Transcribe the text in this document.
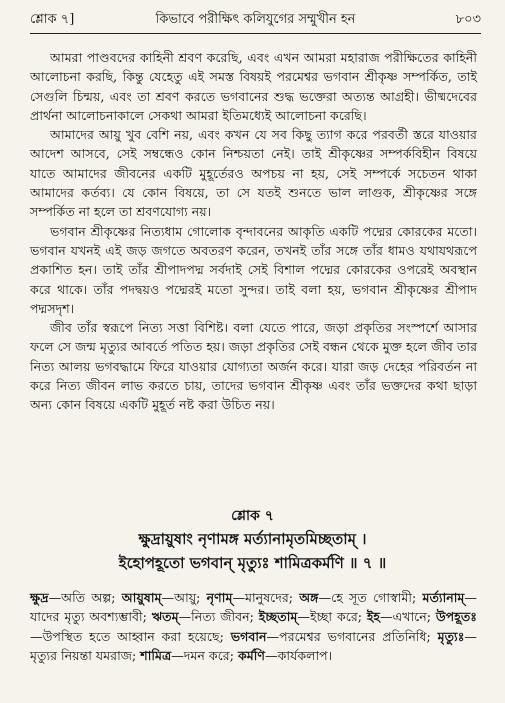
শ্লোক ৭]	কিভাবে পরীক্ষিৎ কলিযুগের সম্মুখীন হন	৮০৩

আমরা পাণ্ডবদের কাহিনী শ্রবণ করেছি, এবং এখন আমরা মহারাজ পরীক্ষিতের কাহিনী আলোচনা করছি, কিন্তু যেহেতু এই সমস্ত বিষয়ই পরমেশ্বর ভগবান শ্রীকৃষ্ণ সম্পর্কিত, তাই সেগুলি চিন্ময়, এবং তা শ্রবণ করতে ভগবানের শুদ্ধ ভক্তেরা অত্যন্ত আগ্রহী। ভীষ্মদেবের প্রার্থনা আলোচনাকালে সেকথা আমরা ইতিমধ্যেই আলোচনা করেছি।

আমাদের আয়ু খুব বেশি নয়, এবং কখন যে সব কিছু ত্যাগ করে পরবর্তী স্তরে যাওয়ার আদেশ আসবে, সেই সম্বন্ধেও কোন নিশ্চয়তা নেই। তাই শ্রীকৃষ্ণের সম্পর্কবিহীন বিষয়ে যাতে আমাদের জীবনের একটি মুহূর্তেরও অপচয় না হয়, সেই সম্পর্কে সচেতন থাকা আমাদের কর্তব্য। যে কোন বিষয়ে, তা সে যতই শুনতে ভাল লাগুক, শ্রীকৃষ্ণের সঙ্গে সম্পর্কিত না হলে তা শ্রবণযোগ্য নয়।

ভগবান শ্রীকৃষ্ণের নিত্যধাম গোলোক বৃন্দাবনের আকৃতি একটি পদ্মের কোরকের মতো। ভগবান যখনই এই জড় জগতে অবতরণ করেন, তখনই তাঁর সঙ্গে তাঁর ধামও যথাযথরূপে প্রকাশিত হন। তাই তাঁর শ্রীপাদপদ্ম সর্বদাই সেই বিশাল পদ্মের কোরকের ওপরেই অবস্থান করে থাকে। তাঁর পদদ্বয়ও পদ্মেরই মতো সুন্দর। তাই বলা হয়, ভগবান শ্রীকৃষ্ণের শ্রীপাদ পদ্মসদৃশ।

জীব তাঁর স্বরূপে নিত্য সত্তা বিশিষ্ট। বলা যেতে পারে, জড়া প্রকৃতির সংস্পর্শে আসার ফলে সে জন্ম মৃত্যুর আবর্তে পতিত হয়। জড়া প্রকৃতির সেই বন্ধন থেকে মুক্ত হলে জীব তার নিত্য আলয় ভগবদ্ধামে ফিরে যাওয়ার যোগ্যতা অর্জন করে। যারা জড় দেহের পরিবর্তন না করে নিত্য জীবন লাভ করতে চায়, তাদের ভগবান শ্রীকৃষ্ণ এবং তাঁর ভক্তদের কথা ছাড়া অন্য কোন বিষয়ে একটি মুহূর্ত নষ্ট করা উচিত নয়।

শ্লোক ৭
ক্ষুদ্রায়ুষাং নৃণামঙ্গ মর্ত্যানামৃতমিচ্ছতাম্ ।
ইহোপহূতো ভগবান্ মৃত্যুঃ শামিত্রকর্মণি ॥ ৭ ॥
ক্ষুদ্র—অতি অল্প; আয়ুষাম্—আয়ু; নৃণাম্—মানুষদের; অঙ্গ—হে সূত গোস্বামী; মর্ত্যানাম্—যাদের মৃত্যু অবশ্যম্ভাবী; ঋতম্—নিত্য জীবন; ইচ্ছতাম্—ইচ্ছা করে; ইহ—এখানে; উপহূতঃ—উপস্থিত হতে আহ্বান করা হয়েছে; ভগবান—পরমেশ্বর ভগবানের প্রতিনিধি; মৃত্যুঃ—মৃত্যুর নিয়ন্তা যমরাজ; শামিত্র—দমন করে; কর্মণি—কার্যকলাপ।
